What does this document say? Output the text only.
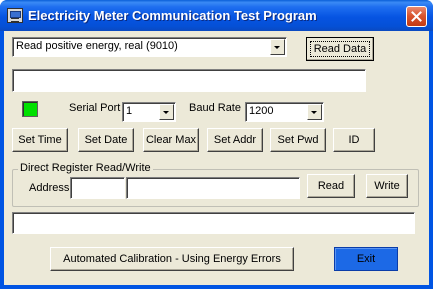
Electricity Meter Communication Test Program
Read positive energy, real (9010)	Read Data
Serial Port 1	Baud Rate 1200
Set Time	Set Date	Clear Max	Set Addr	Set Pwd	ID
Direct Register Read/Write
Address	Read	Write
Automated Calibration - Using Energy Errors	Exit
